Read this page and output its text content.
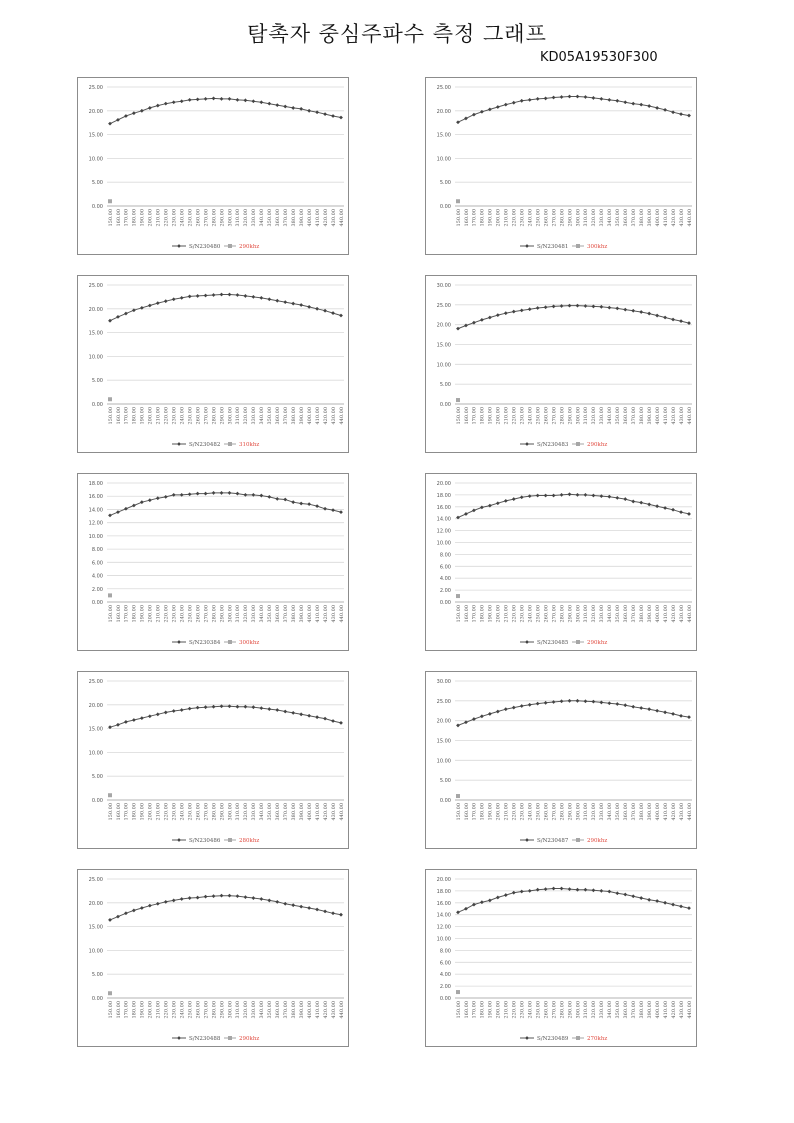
탐촉자 중심주파수 측정 그래프
KD05A19530F300
0.00
5.00
10.00
15.00
20.00
25.00
150.00 160.00 170.00 180.00 190.00 200.00 210.00 220.00 230.00 240.00 250.00 260.00 270.00 280.00 290.00 300.00 310.00 320.00 330.00 340.00 350.00 360.00 370.00 380.00 390.00 400.00 410.00 420.00 430.00 440.00
S/N230480	290khz
0.00
5.00
10.00
15.00
20.00
25.00
150.00 160.00 170.00 180.00 190.00 200.00 210.00 220.00 230.00 240.00 250.00 260.00 270.00 280.00 290.00 300.00 310.00 320.00 330.00 340.00 350.00 360.00 370.00 380.00 390.00 400.00 410.00 420.00 430.00 440.00
S/N230481	300khz
0.00
5.00
10.00
15.00
20.00
25.00
150.00 160.00 170.00 180.00 190.00 200.00 210.00 220.00 230.00 240.00 250.00 260.00 270.00 280.00 290.00 300.00 310.00 320.00 330.00 340.00 350.00 360.00 370.00 380.00 390.00 400.00 410.00 420.00 430.00 440.00
S/N230482	310khz
0.00
5.00
10.00
15.00
20.00
25.00
30.00
150.00 160.00 170.00 180.00 190.00 200.00 210.00 220.00 230.00 240.00 250.00 260.00 270.00 280.00 290.00 300.00 310.00 320.00 330.00 340.00 350.00 360.00 370.00 380.00 390.00 400.00 410.00 420.00 430.00 440.00
S/N230483	290khz
0.00
2.00
4.00
6.00
8.00
10.00
12.00
14.00
16.00
18.00
150.00 160.00 170.00 180.00 190.00 200.00 210.00 220.00 230.00 240.00 250.00 260.00 270.00 280.00 290.00 300.00 310.00 320.00 330.00 340.00 350.00 360.00 370.00 380.00 390.00 400.00 410.00 420.00 430.00 440.00
S/N230384	300khz
0.00
2.00
4.00
6.00
8.00
10.00
12.00
14.00
16.00
18.00
20.00
150.00 160.00 170.00 180.00 190.00 200.00 210.00 220.00 230.00 240.00 250.00 260.00 270.00 280.00 290.00 300.00 310.00 320.00 330.00 340.00 350.00 360.00 370.00 380.00 390.00 400.00 410.00 420.00 430.00 440.00
S/N230485	290khz
0.00
5.00
10.00
15.00
20.00
25.00
150.00 160.00 170.00 180.00 190.00 200.00 210.00 220.00 230.00 240.00 250.00 260.00 270.00 280.00 290.00 300.00 310.00 320.00 330.00 340.00 350.00 360.00 370.00 380.00 390.00 400.00 410.00 420.00 430.00 440.00
S/N230486	280khz
0.00
5.00
10.00
15.00
20.00
25.00
30.00
150.00 160.00 170.00 180.00 190.00 200.00 210.00 220.00 230.00 240.00 250.00 260.00 270.00 280.00 290.00 300.00 310.00 320.00 330.00 340.00 350.00 360.00 370.00 380.00 390.00 400.00 410.00 420.00 430.00 440.00
S/N230487	290khz
0.00
5.00
10.00
15.00
20.00
25.00
150.00 160.00 170.00 180.00 190.00 200.00 210.00 220.00 230.00 240.00 250.00 260.00 270.00 280.00 290.00 300.00 310.00 320.00 330.00 340.00 350.00 360.00 370.00 380.00 390.00 400.00 410.00 420.00 430.00 440.00
S/N230488	290khz
0.00
2.00
4.00
6.00
8.00
10.00
12.00
14.00
16.00
18.00
20.00
150.00 160.00 170.00 180.00 190.00 200.00 210.00 220.00 230.00 240.00 250.00 260.00 270.00 280.00 290.00 300.00 310.00 320.00 330.00 340.00 350.00 360.00 370.00 380.00 390.00 400.00 410.00 420.00 430.00 440.00
S/N230489	270khz
